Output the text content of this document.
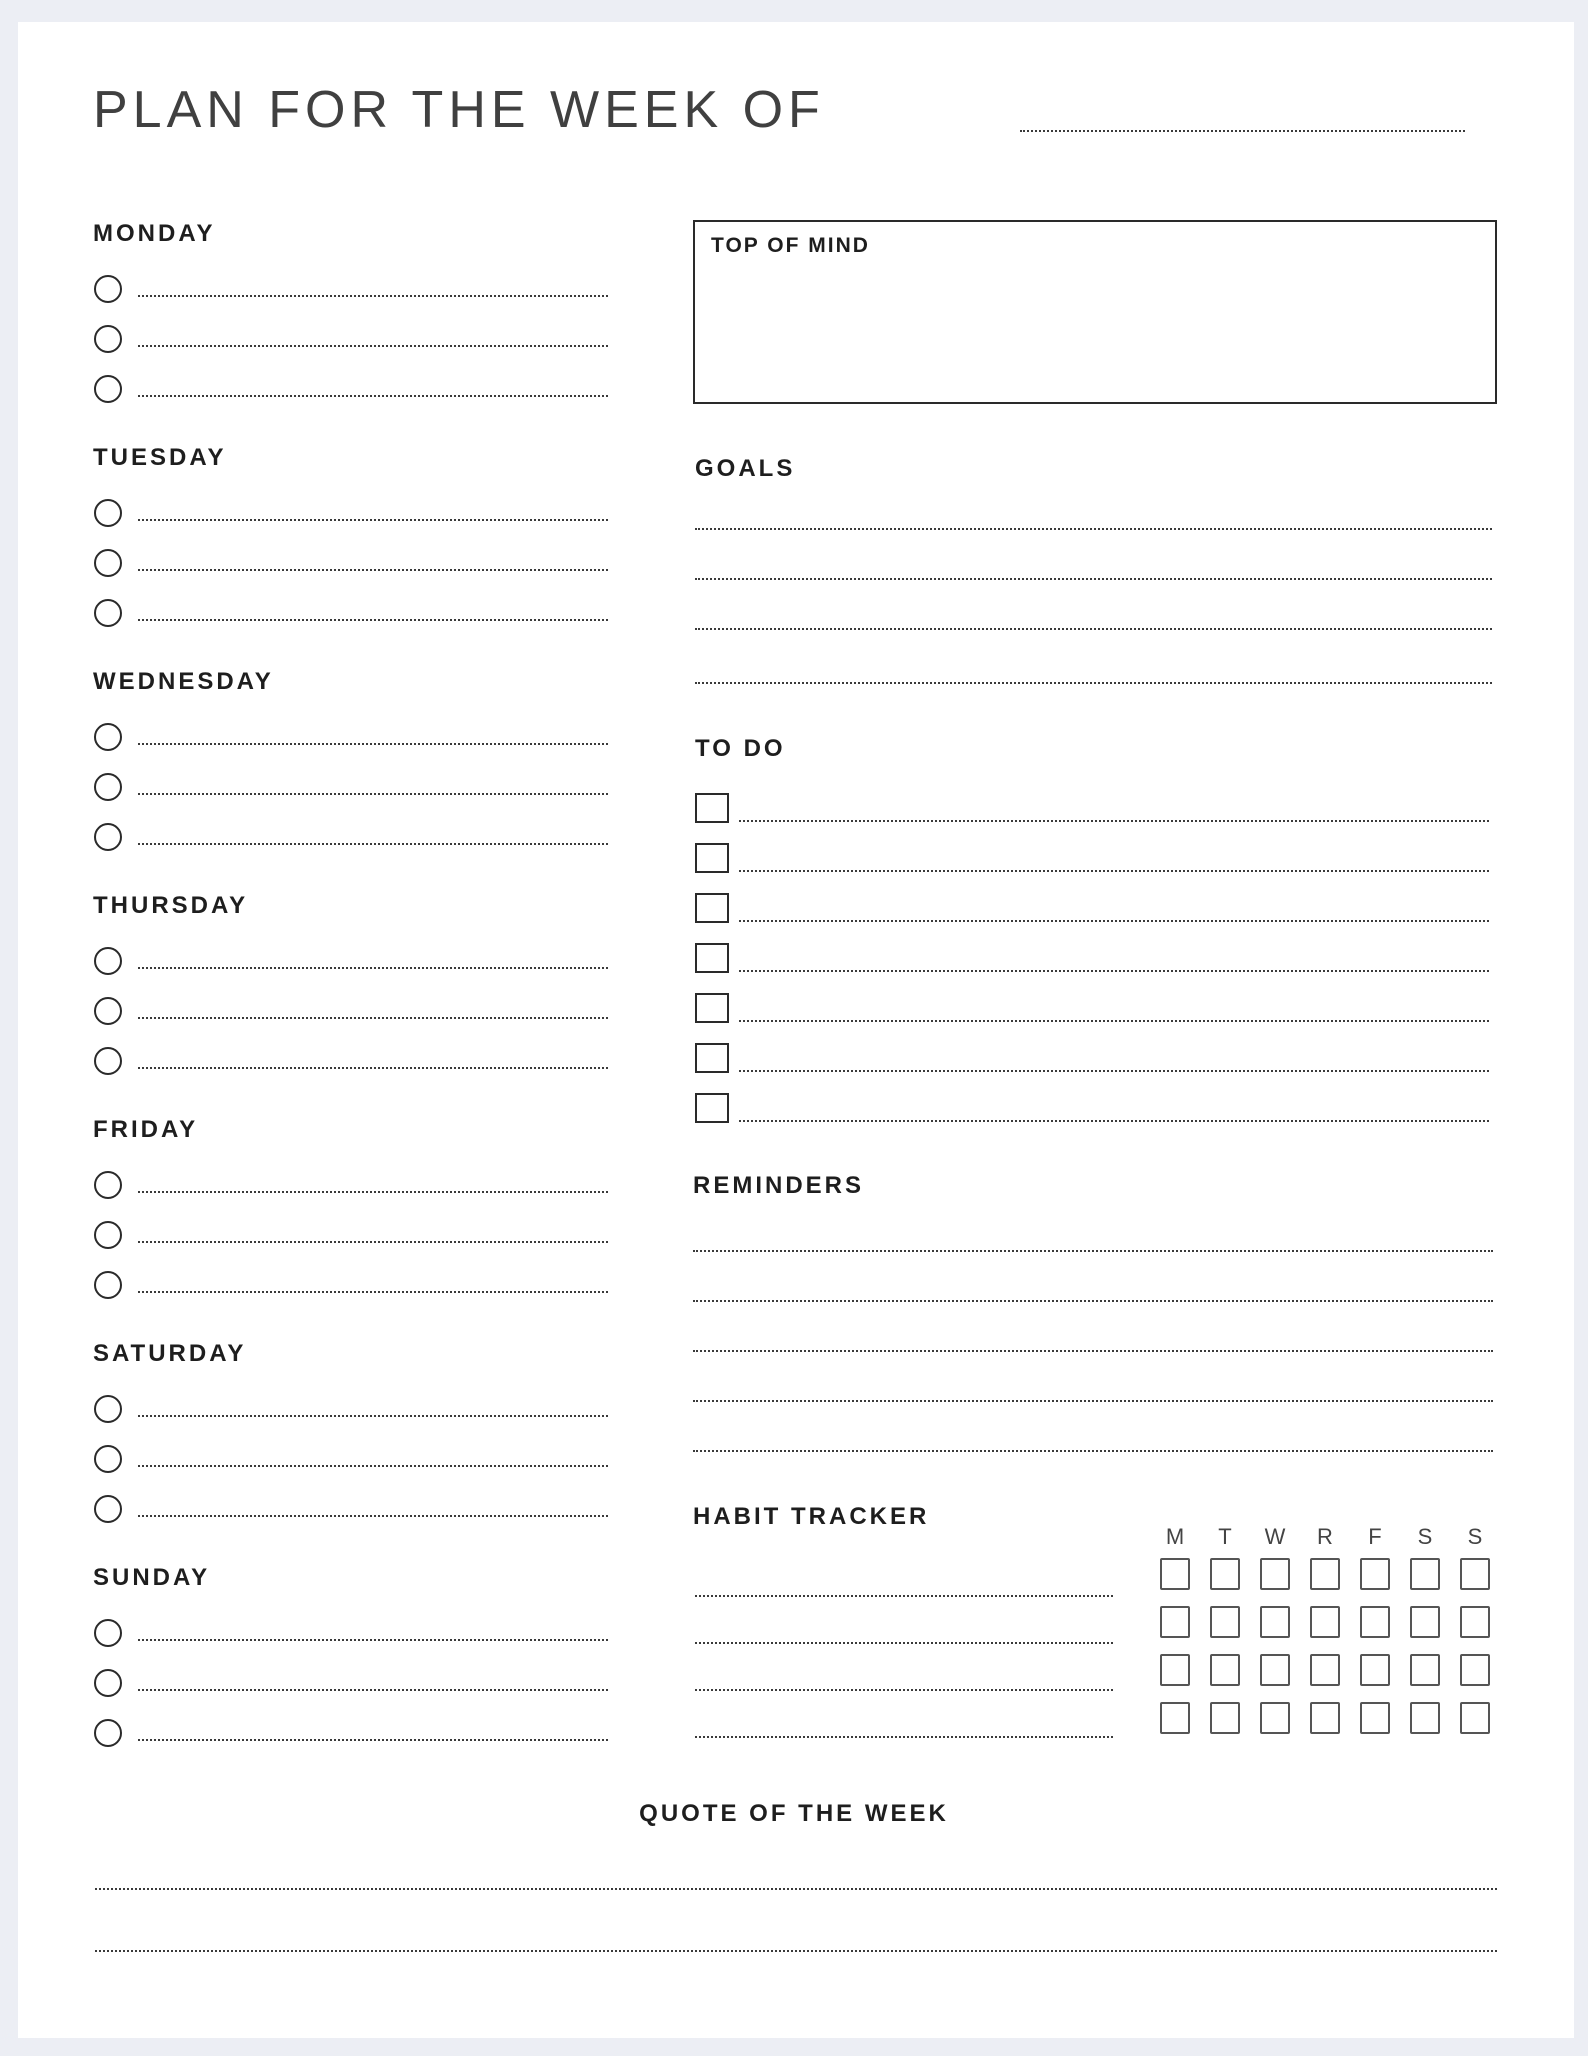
PLAN FOR THE WEEK OF
MONDAY
TUESDAY
WEDNESDAY
THURSDAY
FRIDAY
SATURDAY
SUNDAY
TOP OF MIND
GOALS
TO DO
REMINDERS
HABIT TRACKER
M	T	W	R	F	S	S
QUOTE OF THE WEEK
